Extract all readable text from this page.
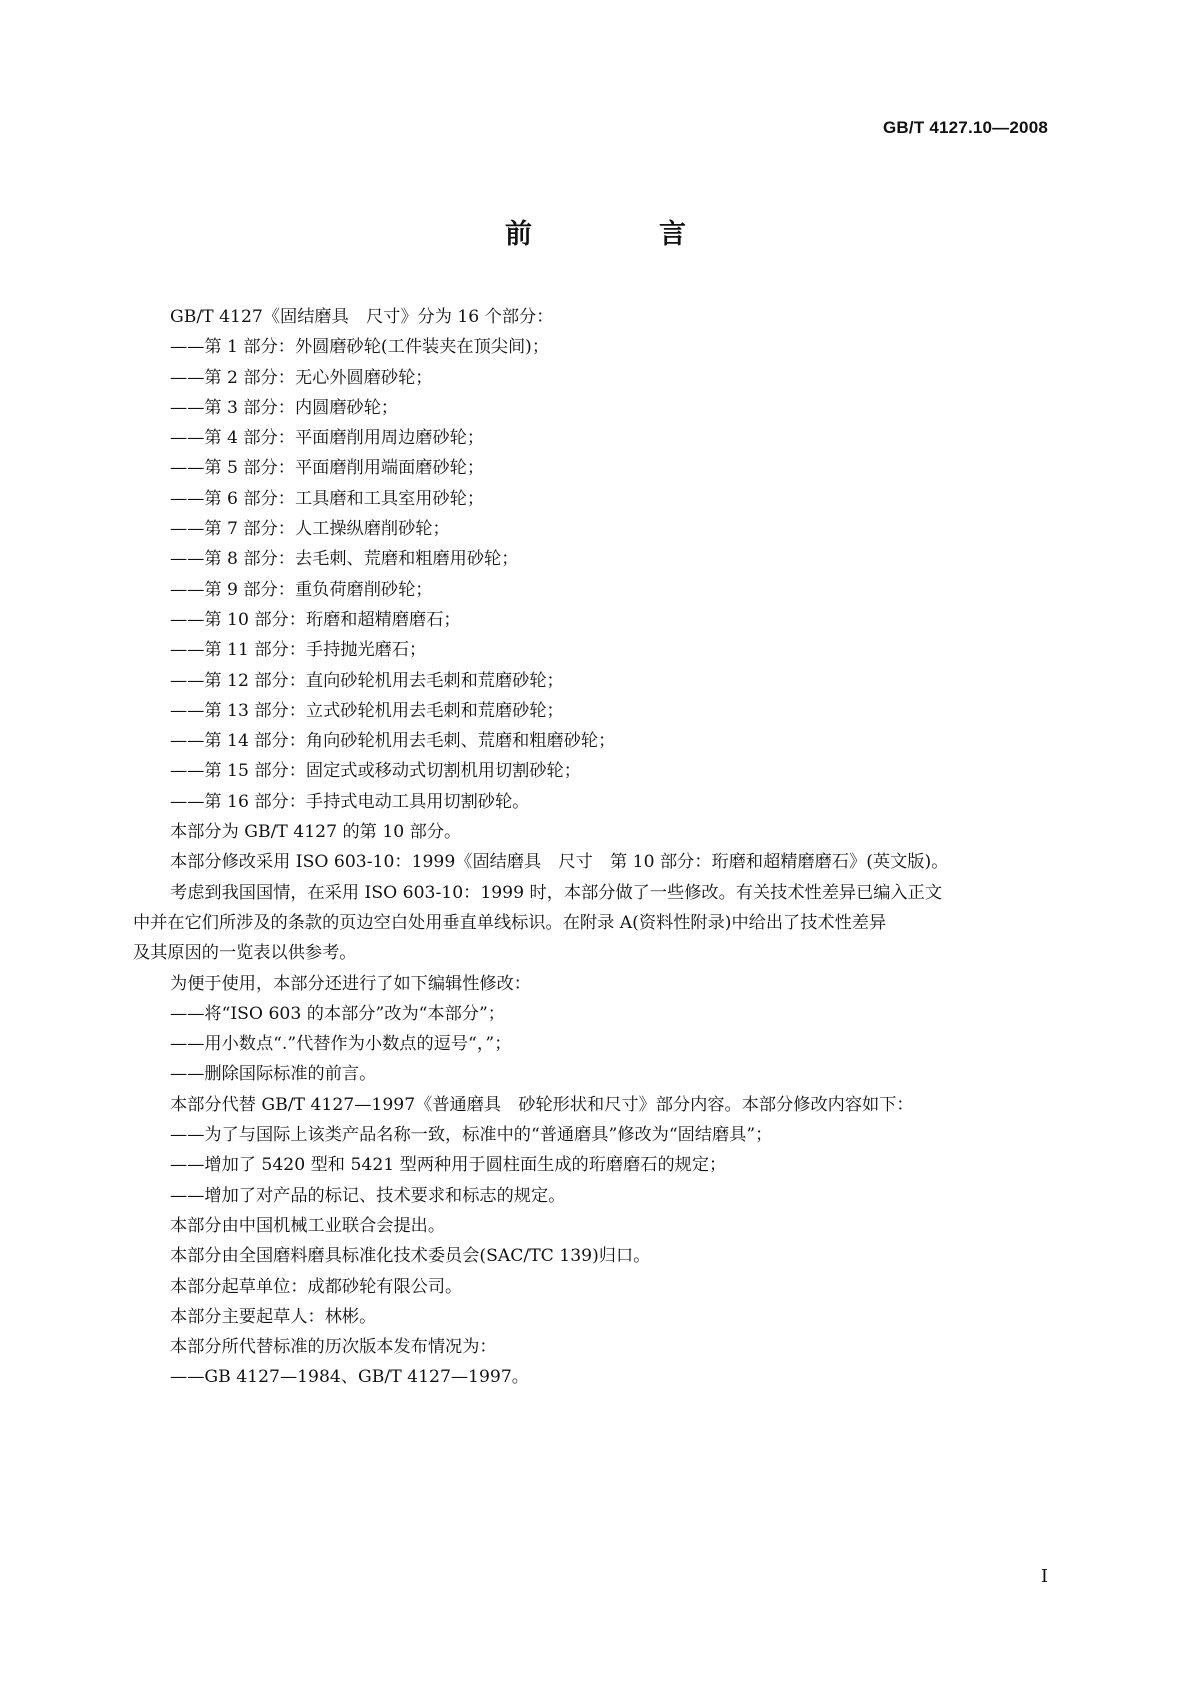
GB/T 4127.10—2008
前　言

GB/T 4127《固结磨具　尺寸》分为 16 个部分：

——第 1 部分：外圆磨砂轮(工件装夹在顶尖间)；

——第 2 部分：无心外圆磨砂轮；

——第 3 部分：内圆磨砂轮；

——第 4 部分：平面磨削用周边磨砂轮；

——第 5 部分：平面磨削用端面磨砂轮；

——第 6 部分：工具磨和工具室用砂轮；

——第 7 部分：人工操纵磨削砂轮；

——第 8 部分：去毛刺、荒磨和粗磨用砂轮；

——第 9 部分：重负荷磨削砂轮；

——第 10 部分：珩磨和超精磨磨石；

——第 11 部分：手持抛光磨石；

——第 12 部分：直向砂轮机用去毛刺和荒磨砂轮；

——第 13 部分：立式砂轮机用去毛刺和荒磨砂轮；

——第 14 部分：角向砂轮机用去毛刺、荒磨和粗磨砂轮；

——第 15 部分：固定式或移动式切割机用切割砂轮；

——第 16 部分：手持式电动工具用切割砂轮。

本部分为 GB/T 4127 的第 10 部分。

本部分修改采用 ISO 603-10：1999《固结磨具　尺寸　第 10 部分：珩磨和超精磨磨石》(英文版)。

考虑到我国国情，在采用 ISO 603-10：1999 时，本部分做了一些修改。有关技术性差异已编入正文
中并在它们所涉及的条款的页边空白处用垂直单线标识。在附录 A(资料性附录)中给出了技术性差异
及其原因的一览表以供参考。

为便于使用，本部分还进行了如下编辑性修改：

——将“ISO 603 的本部分”改为“本部分”；

——用小数点“.”代替作为小数点的逗号“，”；

——删除国际标准的前言。

本部分代替 GB/T 4127—1997《普通磨具　砂轮形状和尺寸》部分内容。本部分修改内容如下：

——为了与国际上该类产品名称一致，标准中的“普通磨具”修改为“固结磨具”；

——增加了 5420 型和 5421 型两种用于圆柱面生成的珩磨磨石的规定；

——增加了对产品的标记、技术要求和标志的规定。

本部分由中国机械工业联合会提出。

本部分由全国磨料磨具标准化技术委员会(SAC/TC 139)归口。

本部分起草单位：成都砂轮有限公司。

本部分主要起草人：林彬。

本部分所代替标准的历次版本发布情况为：

——GB 4127—1984、GB/T 4127—1997。

I
